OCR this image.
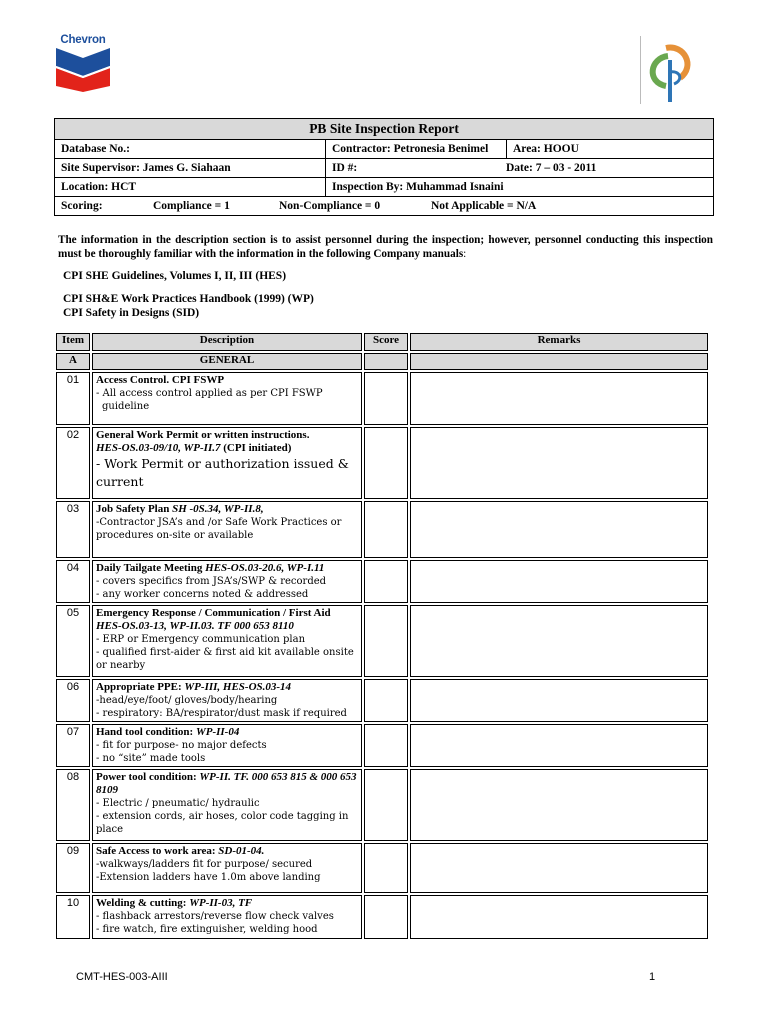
Chevron
PB Site Inspection Report		
Database No.:	Contractor: Petronesia Benimel	Area: HOOU
Site Supervisor: James G. Siahaan	ID #: Date: 7 – 03 - 2011	
Location: HCT	Inspection By: Muhammad Isnaini	
Scoring: Compliance = 1 Non-Compliance = 0 Not Applicable = N/A		
The information in the description section is to assist personnel during the inspection; however, personnel conducting this inspection must be thoroughly familiar with the information in the following Company manuals:
CPI SHE Guidelines, Volumes I, II, III (HES)
CPI SH&E Work Practices Handbook (1999) (WP)
CPI Safety in Designs (SID)
Item	Description	Score	Remarks
A	GENERAL		
01	Access Control. CPI FSWP
- All access control applied as per CPI FSWP
guideline		

02	General Work Permit or written instructions.
HES-OS.03-09/10, WP-II.7 (CPI initiated)
- Work Permit or authorization issued &
current		

03	Job Safety Plan SH -0S.34, WP-II.8,
-Contractor JSA’s and /or Safe Work Practices or
procedures on-site or available		

04	Daily Tailgate Meeting HES-OS.03-20.6, WP-I.11
- covers specifics from JSA’s/SWP & recorded
- any worker concerns noted & addressed		

05	Emergency Response / Communication / First Aid HES-OS.03-13, WP-II.03. TF 000 653 8110
- ERP or Emergency communication plan
- qualified first-aider & first aid kit available onsite
or nearby		

06	Appropriate PPE: WP-III, HES-OS.03-14
-head/eye/foot/ gloves/body/hearing
- respiratory: BA/respirator/dust mask if required		

07	Hand tool condition: WP-II-04
- fit for purpose- no major defects
- no “site” made tools		

08	Power tool condition: WP-II. TF. 000 653 815 & 000 653 8109
- Electric / pneumatic/ hydraulic
- extension cords, air hoses, color code tagging in
place		

09	Safe Access to work area: SD-01-04.
-walkways/ladders fit for purpose/ secured
-Extension ladders have 1.0m above landing		

10	Welding & cutting: WP-II-03, TF
- flashback arrestors/reverse flow check valves
- fire watch, fire extinguisher, welding hood		

CMT-HES-003-AIII	1
